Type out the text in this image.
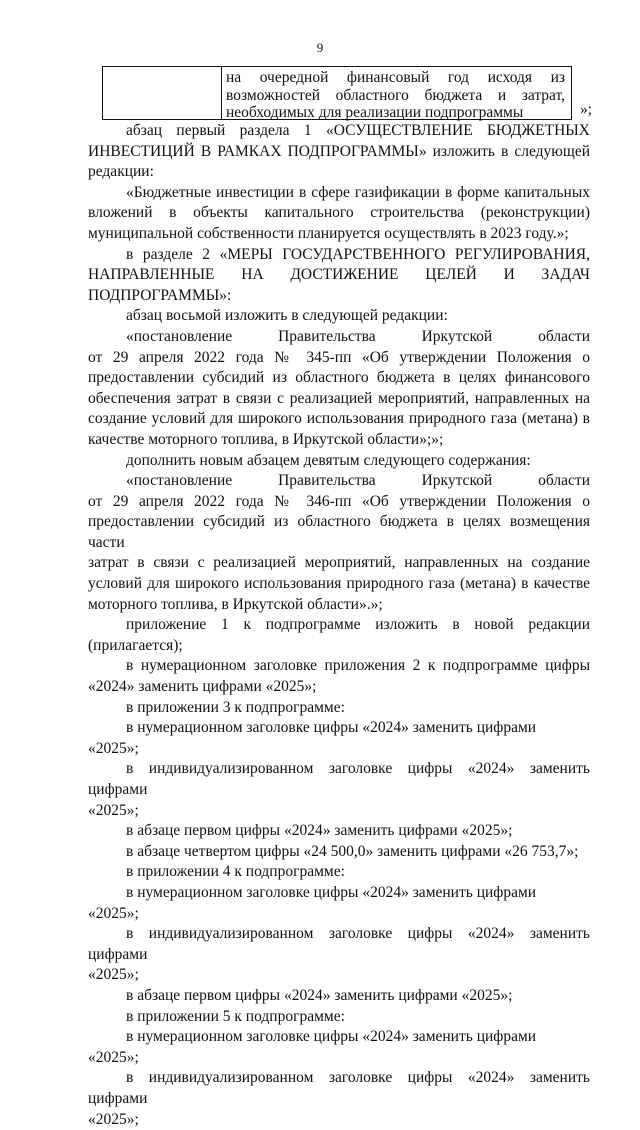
9
на очередной финансовый год исходя из
возможностей областного бюджета и затрат,
необходимых для реализации подпрограммы	»;
абзац первый раздела 1 «ОСУЩЕСТВЛЕНИЕ БЮДЖЕТНЫХ
ИНВЕСТИЦИЙ В РАМКАХ ПОДПРОГРАММЫ» изложить в следующей
редакции:
«Бюджетные инвестиции в сфере газификации в форме капитальных
вложений в объекты капитального строительства (реконструкции)
муниципальной собственности планируется осуществлять в 2023 году.»;
в разделе 2 «МЕРЫ ГОСУДАРСТВЕННОГО РЕГУЛИРОВАНИЯ,
НАПРАВЛЕННЫЕ НА ДОСТИЖЕНИЕ ЦЕЛЕЙ И ЗАДАЧ
ПОДПРОГРАММЫ»:
абзац восьмой изложить в следующей редакции:
«постановление Правительства Иркутской области
от 29 апреля 2022 года № 345-пп «Об утверждении Положения о
предоставлении субсидий из областного бюджета в целях финансового
обеспечения затрат в связи с реализацией мероприятий, направленных на
создание условий для широкого использования природного газа (метана) в
качестве моторного топлива, в Иркутской области»;»;
дополнить новым абзацем девятым следующего содержания:
«постановление Правительства Иркутской области
от 29 апреля 2022 года № 346-пп «Об утверждении Положения о
предоставлении субсидий из областного бюджета в целях возмещения части
затрат в связи с реализацией мероприятий, направленных на создание
условий для широкого использования природного газа (метана) в качестве
моторного топлива, в Иркутской области».»;
приложение 1 к подпрограмме изложить в новой редакции
(прилагается);
в нумерационном заголовке приложения 2 к подпрограмме цифры
«2024» заменить цифрами «2025»;
в приложении 3 к подпрограмме:
в нумерационном заголовке цифры «2024» заменить цифрами «2025»;
в индивидуализированном заголовке цифры «2024» заменить цифрами
«2025»;
в абзаце первом цифры «2024» заменить цифрами «2025»;
в абзаце четвертом цифры «24 500,0» заменить цифрами «26 753,7»;
в приложении 4 к подпрограмме:
в нумерационном заголовке цифры «2024» заменить цифрами «2025»;
в индивидуализированном заголовке цифры «2024» заменить цифрами
«2025»;
в абзаце первом цифры «2024» заменить цифрами «2025»;
в приложении 5 к подпрограмме:
в нумерационном заголовке цифры «2024» заменить цифрами «2025»;
в индивидуализированном заголовке цифры «2024» заменить цифрами
«2025»;
